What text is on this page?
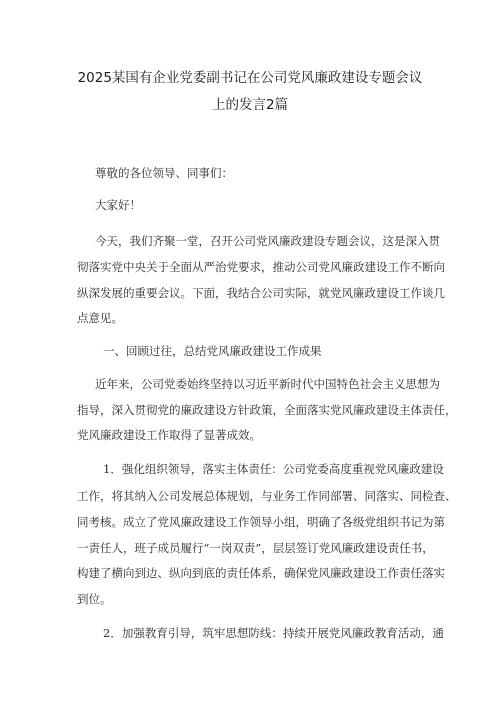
2025某国有企业党委副书记在公司党风廉政建设专题会议
上的发言2篇
尊敬的各位领导、同事们：
大家好！
今天，我们齐聚一堂，召开公司党风廉政建设专题会议，这是深入贯
彻落实党中央关于全面从严治党要求，推动公司党风廉政建设工作不断向
纵深发展的重要会议。下面，我结合公司实际，就党风廉政建设工作谈几
点意见。
一、回顾过往，总结党风廉政建设工作成果
近年来，公司党委始终坚持以习近平新时代中国特色社会主义思想为
指导，深入贯彻党的廉政建设方针政策，全面落实党风廉政建设主体责任，
党风廉政建设工作取得了显著成效。
1．强化组织领导，落实主体责任：公司党委高度重视党风廉政建设
工作，将其纳入公司发展总体规划，与业务工作同部署、同落实、同检查、
同考核。成立了党风廉政建设工作领导小组，明确了各级党组织书记为第
一责任人，班子成员履行“一岗双责”，层层签订党风廉政建设责任书，
构建了横向到边、纵向到底的责任体系，确保党风廉政建设工作责任落实
到位。
2．加强教育引导，筑牢思想防线：持续开展党风廉政教育活动，通
